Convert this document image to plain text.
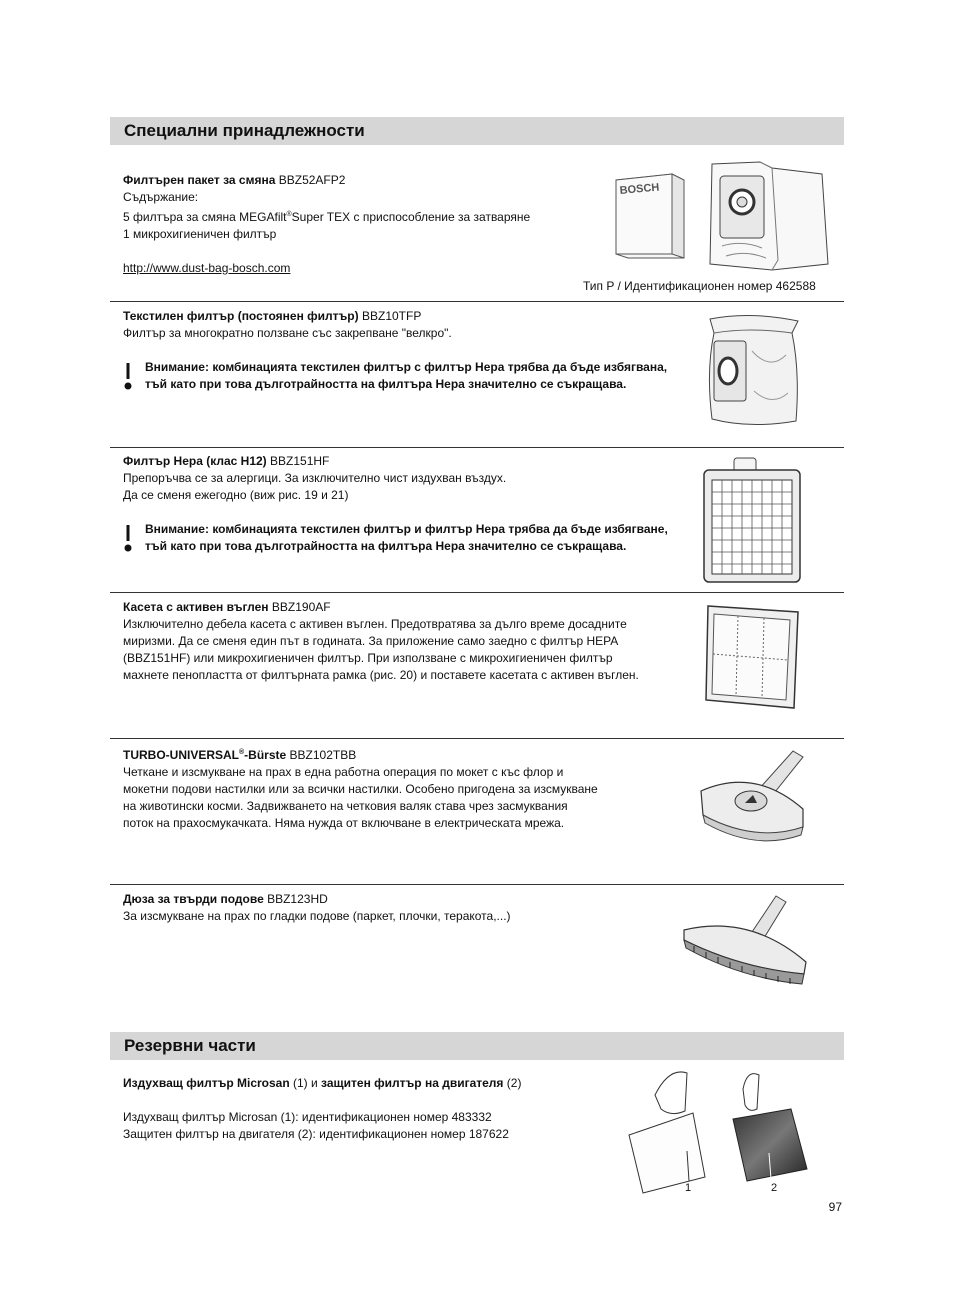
Специални принадлежности
Филтърен пакет за смяна BBZ52AFP2
Съдържание:
5 филтъра за смяна MEGAfilt®Super TEX с приспособление за затваряне
1 микрохигиеничен филтър
http://www.dust-bag-bosch.com
Тип P / Идентификационен номер 462588
BOSCH
Текстилен филтър (постоянен филтър) BBZ10TFP
Филтър за многократно ползване със закрепване "велкро".
Внимание: комбинацията текстилен филтър с филтър Hepa трябва да бъде избягвана, тъй като при това дълготрайността на филтъра Hepa значително се съкращава.
Филтър Hepa (клас H12) BBZ151HF
Препоръчва се за алергици. За изключително чист издухван въздух.
Да се сменя ежегодно (виж рис. 19 и 21)
Внимание: комбинацията текстилен филтър и филтър Hepa трябва да бъде избягване, тъй като при това дълготрайността на филтъра Hepa значително се съкращава.
Касета с активен въглен BBZ190AF
Изключително дебела касета с активен въглен. Предотвратява за дълго време досадните
миризми. Да се сменя един път в годината. За приложение само заедно с филтър HEPA
(BBZ151HF) или микрохигиеничен филтър. При използване с микрохигиеничен филтър
махнете пенопластта от филтърната рамка (рис. 20) и поставете касетата с активен въглен.
TURBO-UNIVERSAL®-Bürste BBZ102TBB
Четкане и изсмукване на прах в една работна операция по мокет с къс флор и
мокетни подови настилки или за всички настилки. Особено пригодена за изсмукване
на животински косми. Задвижването на четковия валяк става чрез засмуквания
поток на прахосмукачката. Няма нужда от включване в електрическата мрежа.
Дюза за твърди подове BBZ123HD
За изсмукване на прах по гладки подове (паркет, плочки, теракота,...)
Резервни части
Издухващ филтър Microsan (1) и защитен филтър на двигателя (2)
Издухващ филтър Microsan (1): идентификационен номер 483332
Защитен филтър на двигателя (2): идентификационен номер 187622
1	2
97
